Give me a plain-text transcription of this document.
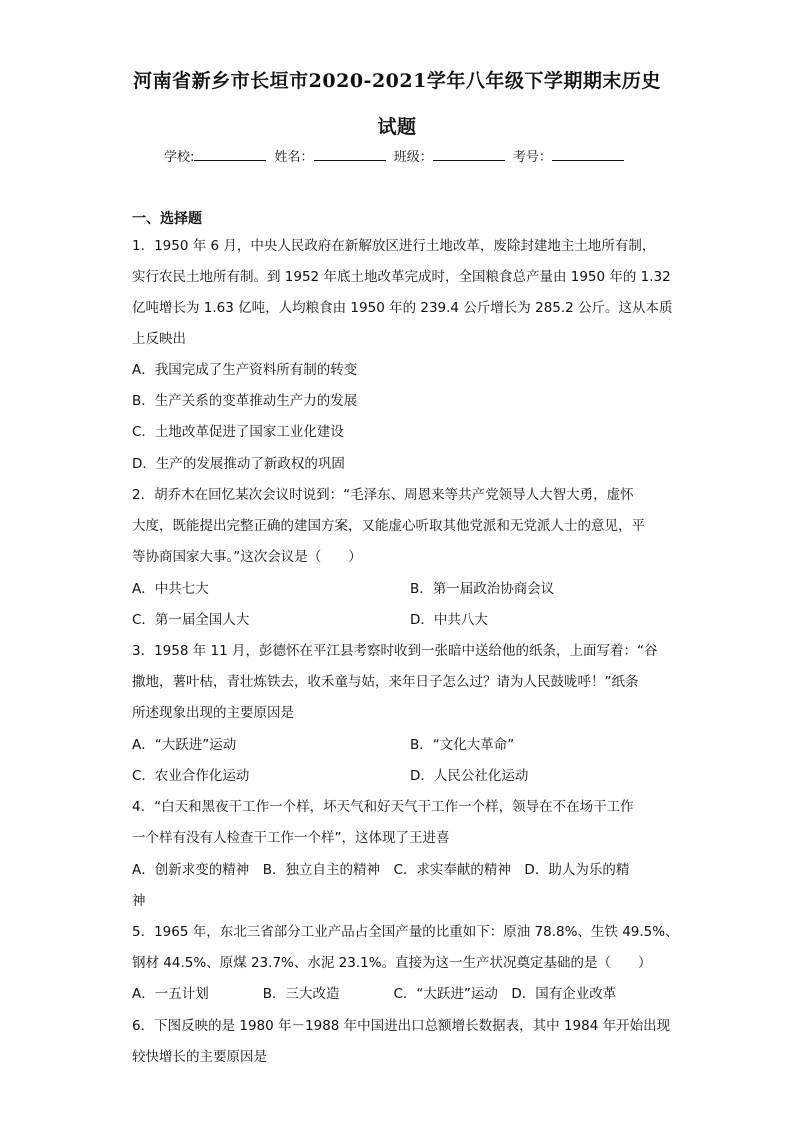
河南省新乡市长垣市2020-2021学年八年级下学期期末历史
试题
学校:	姓名：	班级：	考号：
一、选择题
1．1950 年 6 月，中央人民政府在新解放区进行土地改革，废除封建地主土地所有制，
实行农民土地所有制。到 1952 年底土地改革完成时，全国粮食总产量由 1950 年的 1.32
亿吨增长为 1.63 亿吨，人均粮食由 1950 年的 239.4 公斤增长为 285.2 公斤。这从本质
上反映出
A．我国完成了生产资料所有制的转变
B．生产关系的变革推动生产力的发展
C．土地改革促进了国家工业化建设
D．生产的发展推动了新政权的巩固
2．胡乔木在回忆某次会议时说到：“毛泽东、周恩来等共产党领导人大智大勇，虚怀
大度，既能提出完整正确的建国方案，又能虚心听取其他党派和无党派人士的意见，平
等协商国家大事。”这次会议是（　　）
A．中共七大	B．第一届政治协商会议
C．第一届全国人大	D．中共八大
3．1958 年 11 月，彭德怀在平江县考察时收到一张暗中送给他的纸条，上面写着：“谷
撒地，薯叶枯，青壮炼铁去，收禾童与姑，来年日子怎么过？请为人民鼓咙呼！”纸条
所述现象出现的主要原因是
A．“大跃进”运动	B．“文化大革命”
C．农业合作化运动	D．人民公社化运动
4．“白天和黑夜干工作一个样，坏天气和好天气干工作一个样，领导在不在场干工作
一个样有没有人检查干工作一个样”，这体现了王进喜
A．创新求变的精神　B．独立自主的精神　C．求实奉献的精神　D．助人为乐的精
神
5．1965 年，东北三省部分工业产品占全国产量的比重如下：原油 78.8%、生铁 49.5%、
钢材 44.5%、原煤 23.7%、水泥 23.1%。直接为这一生产状况奠定基础的是（　　）
A．一五计划　　　　B．三大改造　　　　C．“大跃进”运动　D．国有企业改革
6．下图反映的是 1980 年－1988 年中国进出口总额增长数据表，其中 1984 年开始出现
较快增长的主要原因是
